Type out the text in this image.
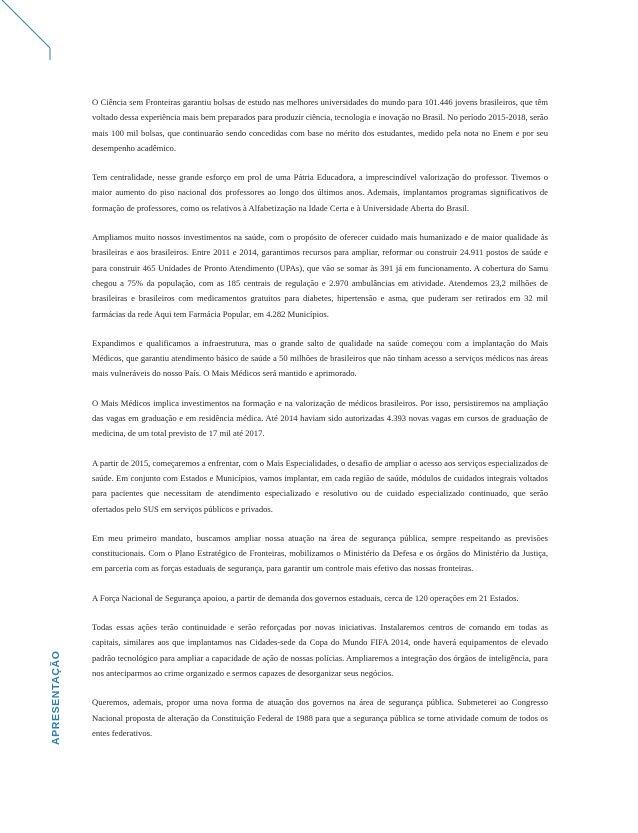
APRESENTAÇÃO

O Ciência sem Fronteiras garantiu bolsas de estudo nas melhores universidades do mundo para 101.446 jovens brasileiros, que têm voltado dessa experiência mais bem preparados para produzir ciência, tecnologia e inovação no Brasil. No período 2015-2018, serão mais 100 mil bolsas, que continuarão sendo concedidas com base no mérito dos estudantes, medido pela nota no Enem e por seu desempenho acadêmico.

Tem centralidade, nesse grande esforço em prol de uma Pátria Educadora, a imprescindível valorização do professor. Tivemos o maior aumento do piso nacional dos professores ao longo dos últimos anos. Ademais, implantamos programas significativos de formação de professores, como os relativos à Alfabetização na Idade Certa e à Universidade Aberta do Brasil.

Ampliamos muito nossos investimentos na saúde, com o propósito de oferecer cuidado mais humanizado e de maior qualidade às brasileiras e aos brasileiros. Entre 2011 e 2014, garantimos recursos para ampliar, reformar ou construir 24.911 postos de saúde e para construir 465 Unidades de Pronto Atendimento (UPAs), que vão se somar às 391 já em funcionamento. A cobertura do Samu chegou a 75% da população, com as 185 centrais de regulação e 2.970 ambulâncias em atividade. Atendemos 23,2 milhões de brasileiras e brasileiros com medicamentos gratuitos para diabetes, hipertensão e asma, que puderam ser retirados em 32 mil farmácias da rede Aqui tem Farmácia Popular, em 4.282 Municípios.

Expandimos e qualificamos a infraestrutura, mas o grande salto de qualidade na saúde começou com a implantação do Mais Médicos, que garantiu atendimento básico de saúde a 50 milhões de brasileiros que não tinham acesso a serviços médicos nas áreas mais vulneráveis do nosso País. O Mais Médicos será mantido e aprimorado.

O Mais Médicos implica investimentos na formação e na valorização de médicos brasileiros. Por isso, persistiremos na ampliação das vagas em graduação e em residência médica. Até 2014 haviam sido autorizadas 4.393 novas vagas em cursos de graduação de medicina, de um total previsto de 17 mil até 2017.

A partir de 2015, começaremos a enfrentar, com o Mais Especialidades, o desafio de ampliar o acesso aos serviços especializados de saúde. Em conjunto com Estados e Municípios, vamos implantar, em cada região de saúde, módulos de cuidados integrais voltados para pacientes que necessitam de atendimento especializado e resolutivo ou de cuidado especializado continuado, que serão ofertados pelo SUS em serviços públicos e privados.

Em meu primeiro mandato, buscamos ampliar nossa atuação na área de segurança pública, sempre respeitando as previsões constitucionais. Com o Plano Estratégico de Fronteiras, mobilizamos o Ministério da Defesa e os órgãos do Ministério da Justiça, em parceria com as forças estaduais de segurança, para garantir um controle mais efetivo das nossas fronteiras.

A Força Nacional de Segurança apoiou, a partir de demanda dos governos estaduais, cerca de 120 operações em 21 Estados.

Todas essas ações terão continuidade e serão reforçadas por novas iniciativas. Instalaremos centros de comando em todas as capitais, similares aos que implantamos nas Cidades-sede da Copa do Mundo FIFA 2014, onde haverá equipamentos de elevado padrão tecnológico para ampliar a capacidade de ação de nossas polícias. Ampliaremos a integração dos órgãos de inteligência, para nos anteciparmos ao crime organizado e sermos capazes de desorganizar seus negócios.

Queremos, ademais, propor uma nova forma de atuação dos governos na área de segurança pública. Submeterei ao Congresso Nacional proposta de alteração da Constituição Federal de 1988 para que a segurança pública se torne atividade comum de todos os entes federativos.
